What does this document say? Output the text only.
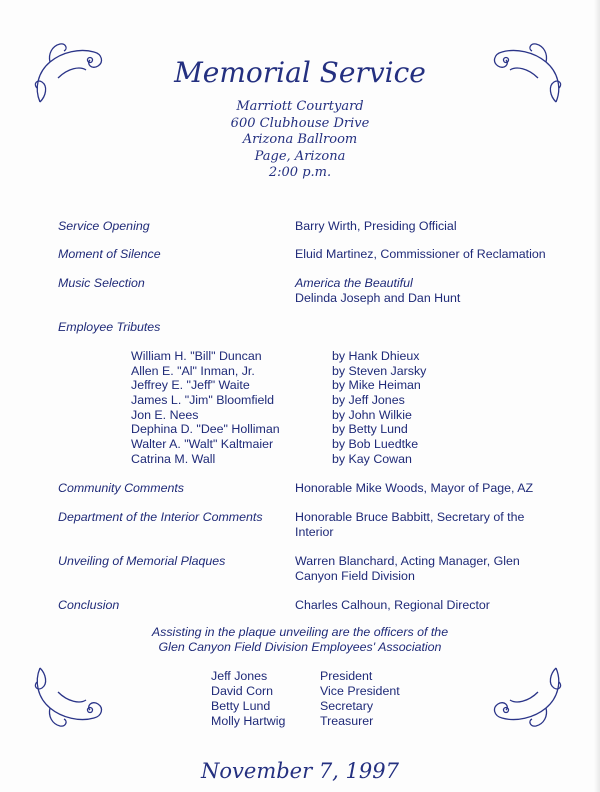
Memorial Service
Marriott Courtyard
600 Clubhouse Drive
Arizona Ballroom
Page, Arizona
2:00 p.m.
Service Opening	Barry Wirth, Presiding Official
Moment of Silence	Eluid Martinez, Commissioner of Reclamation
Music Selection	America the Beautiful
Delinda Joseph and Dan Hunt
Employee Tributes
William H. "Bill" Duncan	by Hank Dhieux
Allen E. "Al" Inman, Jr.	by Steven Jarsky
Jeffrey E. "Jeff" Waite	by Mike Heiman
James L. "Jim" Bloomfield	by Jeff Jones
Jon E. Nees	by John Wilkie
Dephina D. "Dee" Holliman	by Betty Lund
Walter A. "Walt" Kaltmaier	by Bob Luedtke
Catrina M. Wall	by Kay Cowan
Community Comments	Honorable Mike Woods, Mayor of Page, AZ
Department of the Interior Comments	Honorable Bruce Babbitt, Secretary of the
Interior
Unveiling of Memorial Plaques	Warren Blanchard, Acting Manager, Glen
Canyon Field Division
Conclusion	Charles Calhoun, Regional Director
Assisting in the plaque unveiling are the officers of the
Glen Canyon Field Division Employees' Association
Jeff Jones	President
David Corn	Vice President
Betty Lund	Secretary
Molly Hartwig	Treasurer
November 7, 1997
